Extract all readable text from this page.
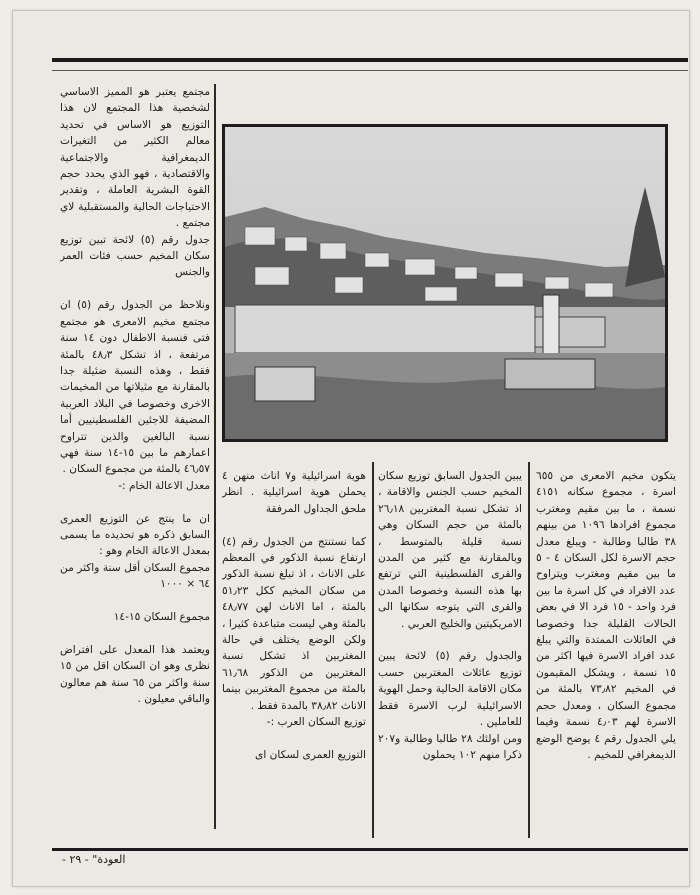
مجتمع يعتبر هو المميز الاساسي لشخصية هذا المجتمع لان هذا التوزيع هو الاساس في تحديد معالم الكثير من التغيرات الديمغرافية والاجتماعية والاقتصادية ، فهو الذي يحدد حجم القوة البشرية العاملة ، وتقدير الاحتياجات الحالية والمستقبلية لاي مجتمع .
جدول رقم (٥) لائحة تبين توزيع سكان المخيم حسب فئات العمر والجنس

ونلاحظ من الجدول رقم (٥) ان مجتمع مخيم الامعرى هو مجتمع فتى فنسبة الاطفال دون ١٤ سنة مرتفعة ، اذ تشكل ٤٨٫٣ بالمئة فقط ، وهذه النسبة ضئيلة جدا بالمقارنة مع مثيلاتها من المخيمات الاخرى وخصوصا في البلاد العربية المضيفة للاجئين الفلسطينيين أما نسبة البالغين والذين تتراوح اعمارهم ما بين ١٥-١٤ سنة فهي ٤٦٫٥٧ بالمئة من مجموع السكان .
معدل الاعالة الخام :-

ان ما ينتج عن التوزيع العمرى السابق ذكره هو تحديده ما يسمى بمعدل الاعالة الخام وهو :
مجموع السكان أقل سنة واكثر من ٦٤ × ١٠٠٠

مجموع السكان ١٥-١٤

ويعتمد هذا المعدل على افتراض نظرى وهو ان السكان اقل من ١٥ سنة واكثر من ٦٥ سنة هم معالون والباقي معيلون .
هوية اسرائيلية و٧ اناث منهن ٤ يحملن هوية اسرائيلية . انظر ملحق الجداول المرفقة

كما نستنتج من الجدول رقم (٤) ارتفاع نسبة الذكور في المعظم على الاناث ، اذ تبلغ نسبة الذكور من سكان المخيم ككل ٥١٫٢٣ بالمئة ، اما الاناث لهن ٤٨٫٧٧ بالمئة وهي ليست متباعدة كثيرا ، ولكن الوضع يختلف في حالة المغتربين اذ تشكل نسبة المغتربين من الذكور ٦١٫٦٨ بالمئة من مجموع المغتربين بينما الاناث ٣٨٫٨٢ بالمدة فقط .
توزيع السكان العرب :-

التوزيع العمرى لسكان اى
يبين الجدول السابق توزيع سكان المخيم حسب الجنس والاقامة ، اذ تشكل نسبة المغتربين ٢٦٫١٨ بالمئة من حجم السكان وهي نسبة قليلة بالمتوسط ، وبالمقارنة مع كثير من المدن والقرى الفلسطينية التي ترتفع بها هذه النسبة وخصوصا المدن والقرى التي يتوجه سكانها الى الامريكيتين والخليج العربي .

والجدول رقم (٥) لائحة يبين توزيع عائلات المغتربين حسب مكان الاقامة الحالية وحمل الهوية الاسرائيلية لرب الاسرة فقط للعاملين .
ومن اولئك ٢٨ طالبا وطالبة و٢٠٧ ذكرا منهم ١٠٢ يحملون
يتكون مخيم الامعرى من ٦٥٥ اسرة ، مجموع سكانه ٤١٥١ نسمة ، ما بين مقيم ومغترب مجموع افرادها ١٠٩٦ من بينهم ٣٨ طالبا وطالبة - ويبلغ معدل حجم الاسرة لكل السكان ٤ - ٥ ما بين مقيم ومغترب ويتراوح عدد الافراد في كل اسرة ما بين فرد واحد - ١٥ فرد الا في بعض الحالات القليلة جدا وخصوصا في العائلات الممتدة والتي يبلغ عدد افراد الاسرة فيها اكثر من ١٥ نسمة ، ويشكل المقيمون في المخيم ٧٣٫٨٢ بالمئة من مجموع السكان ، ومعدل حجم الاسرة لهم ٤٫٠٣ نسمة وفيما يلي الجدول رقم ٤ يوضح الوضع الديمغرافي للمخيم .
العودة" - ٢٩ -
